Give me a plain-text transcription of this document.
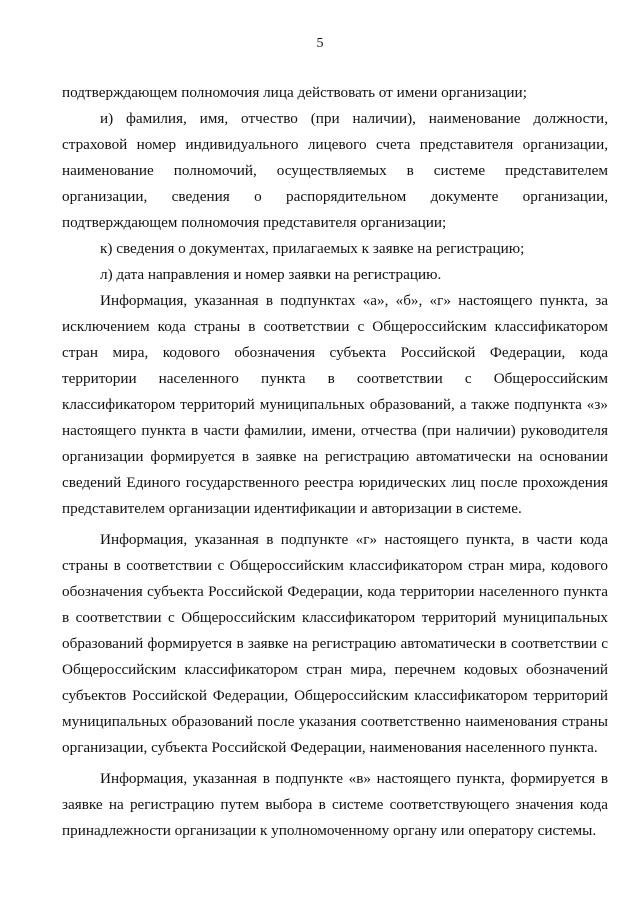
5

подтверждающем полномочия лица действовать от имени организации;

и) фамилия, имя, отчество (при наличии), наименование должности, страховой номер индивидуального лицевого счета представителя организации, наименование полномочий, осуществляемых в системе представителем организации, сведения о распорядительном документе организации, подтверждающем полномочия представителя организации;

к) сведения о документах, прилагаемых к заявке на регистрацию;

л) дата направления и номер заявки на регистрацию.

Информация, указанная в подпунктах «а», «б», «г» настоящего пункта, за исключением кода страны в соответствии с Общероссийским классификатором стран мира, кодового обозначения субъекта Российской Федерации, кода территории населенного пункта в соответствии с Общероссийским классификатором территорий муниципальных образований, а также подпункта «з» настоящего пункта в части фамилии, имени, отчества (при наличии) руководителя организации формируется в заявке на регистрацию автоматически на основании сведений Единого государственного реестра юридических лиц после прохождения представителем организации идентификации и авторизации в системе.

Информация, указанная в подпункте «г» настоящего пункта, в части кода страны в соответствии с Общероссийским классификатором стран мира, кодового обозначения субъекта Российской Федерации, кода территории населенного пункта в соответствии с Общероссийским классификатором территорий муниципальных образований формируется в заявке на регистрацию автоматически в соответствии с Общероссийским классификатором стран мира, перечнем кодовых обозначений субъектов Российской Федерации, Общероссийским классификатором территорий муниципальных образований после указания соответственно наименования страны организации, субъекта Российской Федерации, наименования населенного пункта.

Информация, указанная в подпункте «в» настоящего пункта, формируется в заявке на регистрацию путем выбора в системе соответствующего значения кода принадлежности организации к уполномоченному органу или оператору системы.
